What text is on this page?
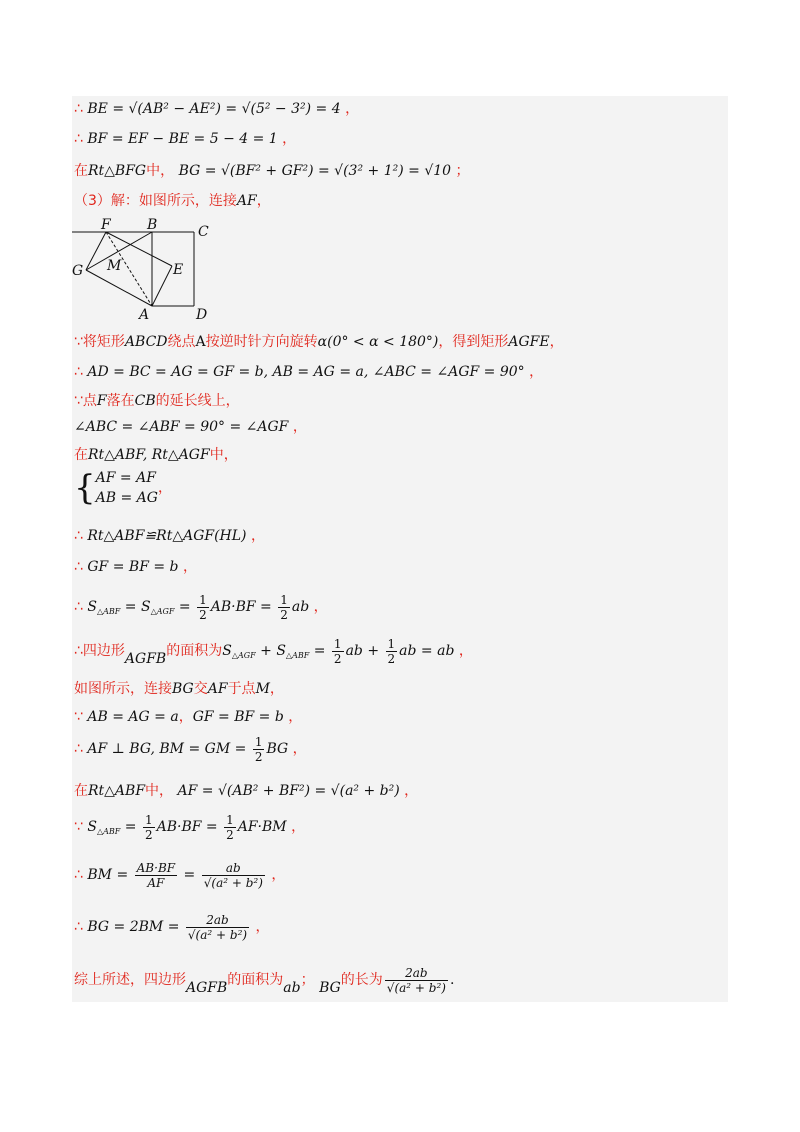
∴ BE = √(AB² − AE²) = √(5² − 3²) = 4 ，
∴ BF = EF − BE = 5 − 4 = 1 ，
在Rt△BFG中， BG = √(BF² + GF²) = √(3² + 1²) = √10 ；
（3）解：如图所示，连接AF，
F	B	C
G M	E
A	D
∵将矩形ABCD绕点A按逆时针方向旋转α(0° < α < 180°)，得到矩形AGFE，
∴ AD = BC = AG = GF = b, AB = AG = a, ∠ABC = ∠AGF = 90° ，
∵点F落在CB的延长线上，
∠ABC = ∠ABF = 90° = ∠AGF ，
在Rt△ABF, Rt△AGF中，
{ AF = AF
AB = AG
，
∴ Rt△ABF≌Rt△AGF(HL) ，
∴ GF = BF = b ，
∴ $S_{\triangle ABF} = S_{\triangle AGF} = \frac{1}{2} AB\cdot BF = \frac{1}{2}$ ab ，
∴四边形AGFB的面积为$S_{\triangle AGF} + S_{\triangle ABF} = \frac{1}{2}$ ab + $\frac{1}{2}$ ab = ab ，
如图所示，连接BG交AF于点M，
∵ AB = AG = a，GF = BF = b ，
∴ AF ⊥ BG, BM = GM = $\frac{1}{2}$ BG ，
在Rt△ABF中， AF = √(AB² + BF²) = √(a² + b²) ，
∵ $S_{\triangle ABF} = \frac{1}{2} AB\cdot BF = \frac{1}{2} AF\cdot BM$ ，
∴ BM = $\frac{AB\cdot BF}{AF} = \frac{ab}{\text{√(a² + b²)}}$ ，
∴ BG = $2BM = \frac{2ab}{\text{√(a² + b²)}}$ ，
综上所述，四边形AGFB的面积为ab； BG的长为 $\frac{2ab}{\text{√(a² + b²)}}$ .
